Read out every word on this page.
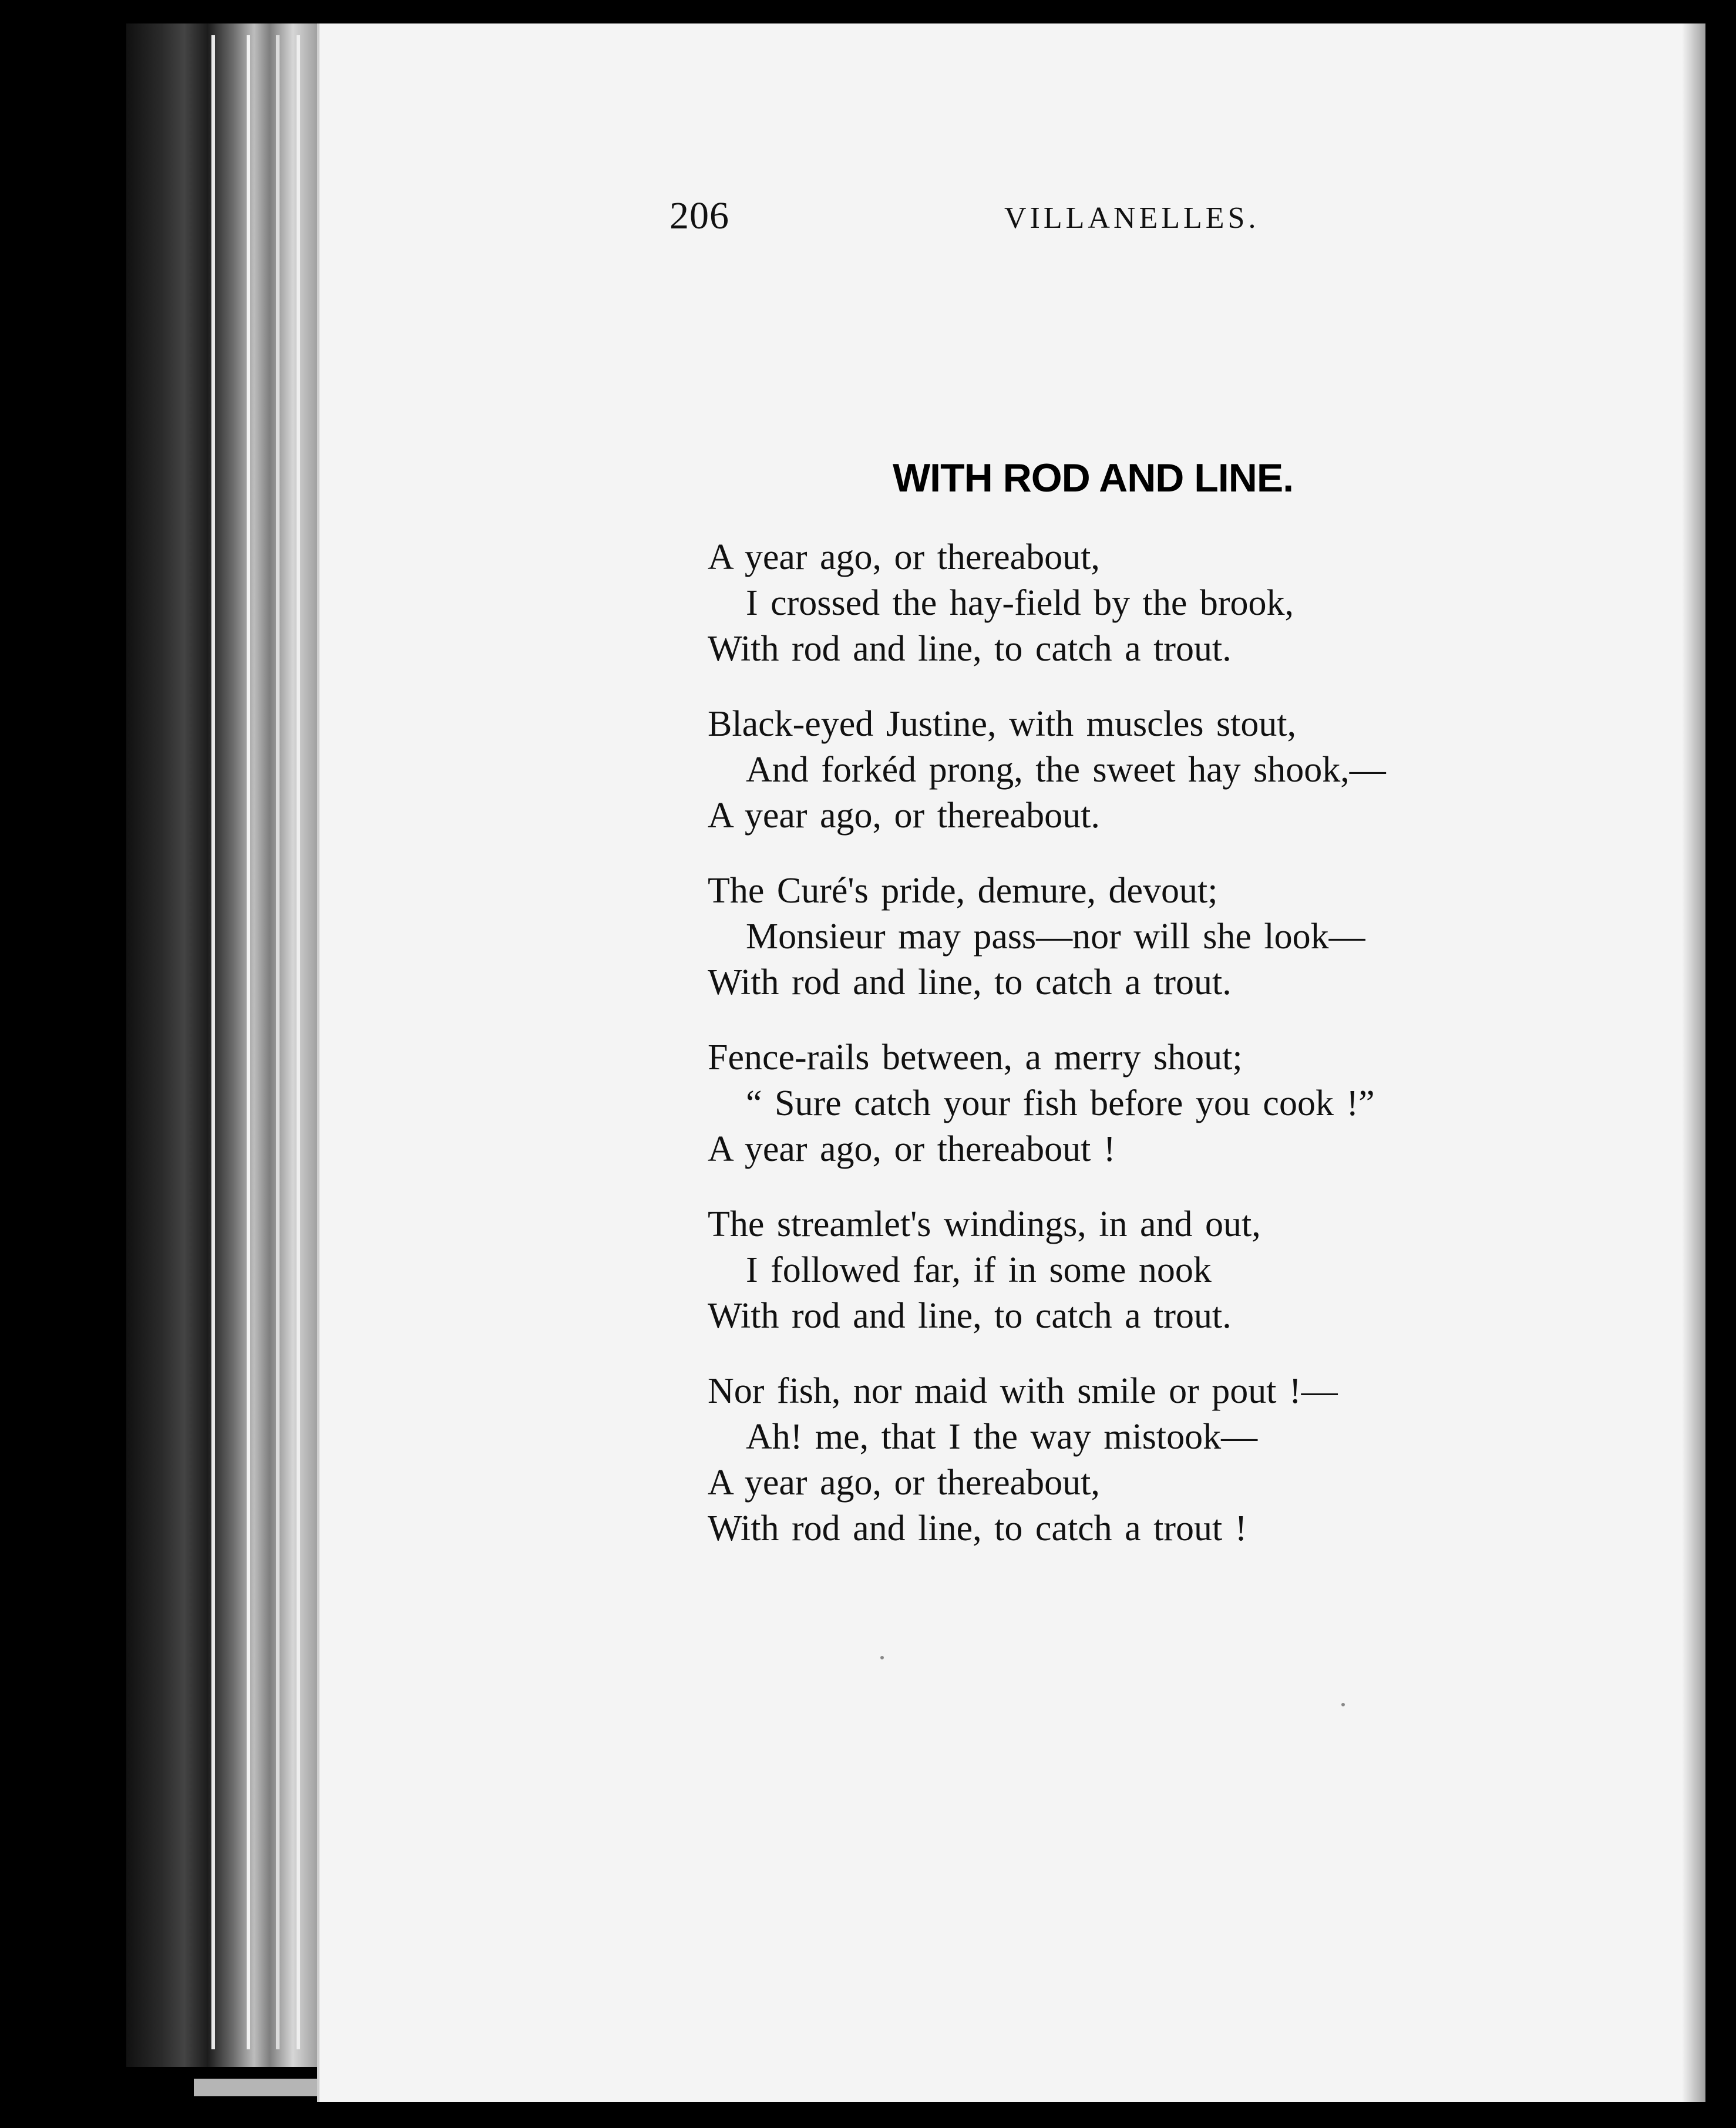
206	VILLANELLES.
WITH ROD AND LINE.

A year ago, or thereabout,
I crossed the hay-field by the brook,
With rod and line, to catch a trout.

Black-eyed Justine, with muscles stout,
And forkéd prong, the sweet hay shook,—
A year ago, or thereabout.

The Curé's pride, demure, devout;
Monsieur may pass—nor will she look—
With rod and line, to catch a trout.

Fence-rails between, a merry shout;
“ Sure catch your fish before you cook !”
A year ago, or thereabout !

The streamlet's windings, in and out,
I followed far, if in some nook
With rod and line, to catch a trout.

Nor fish, nor maid with smile or pout !—
Ah! me, that I the way mistook—
A year ago, or thereabout,
With rod and line, to catch a trout !
